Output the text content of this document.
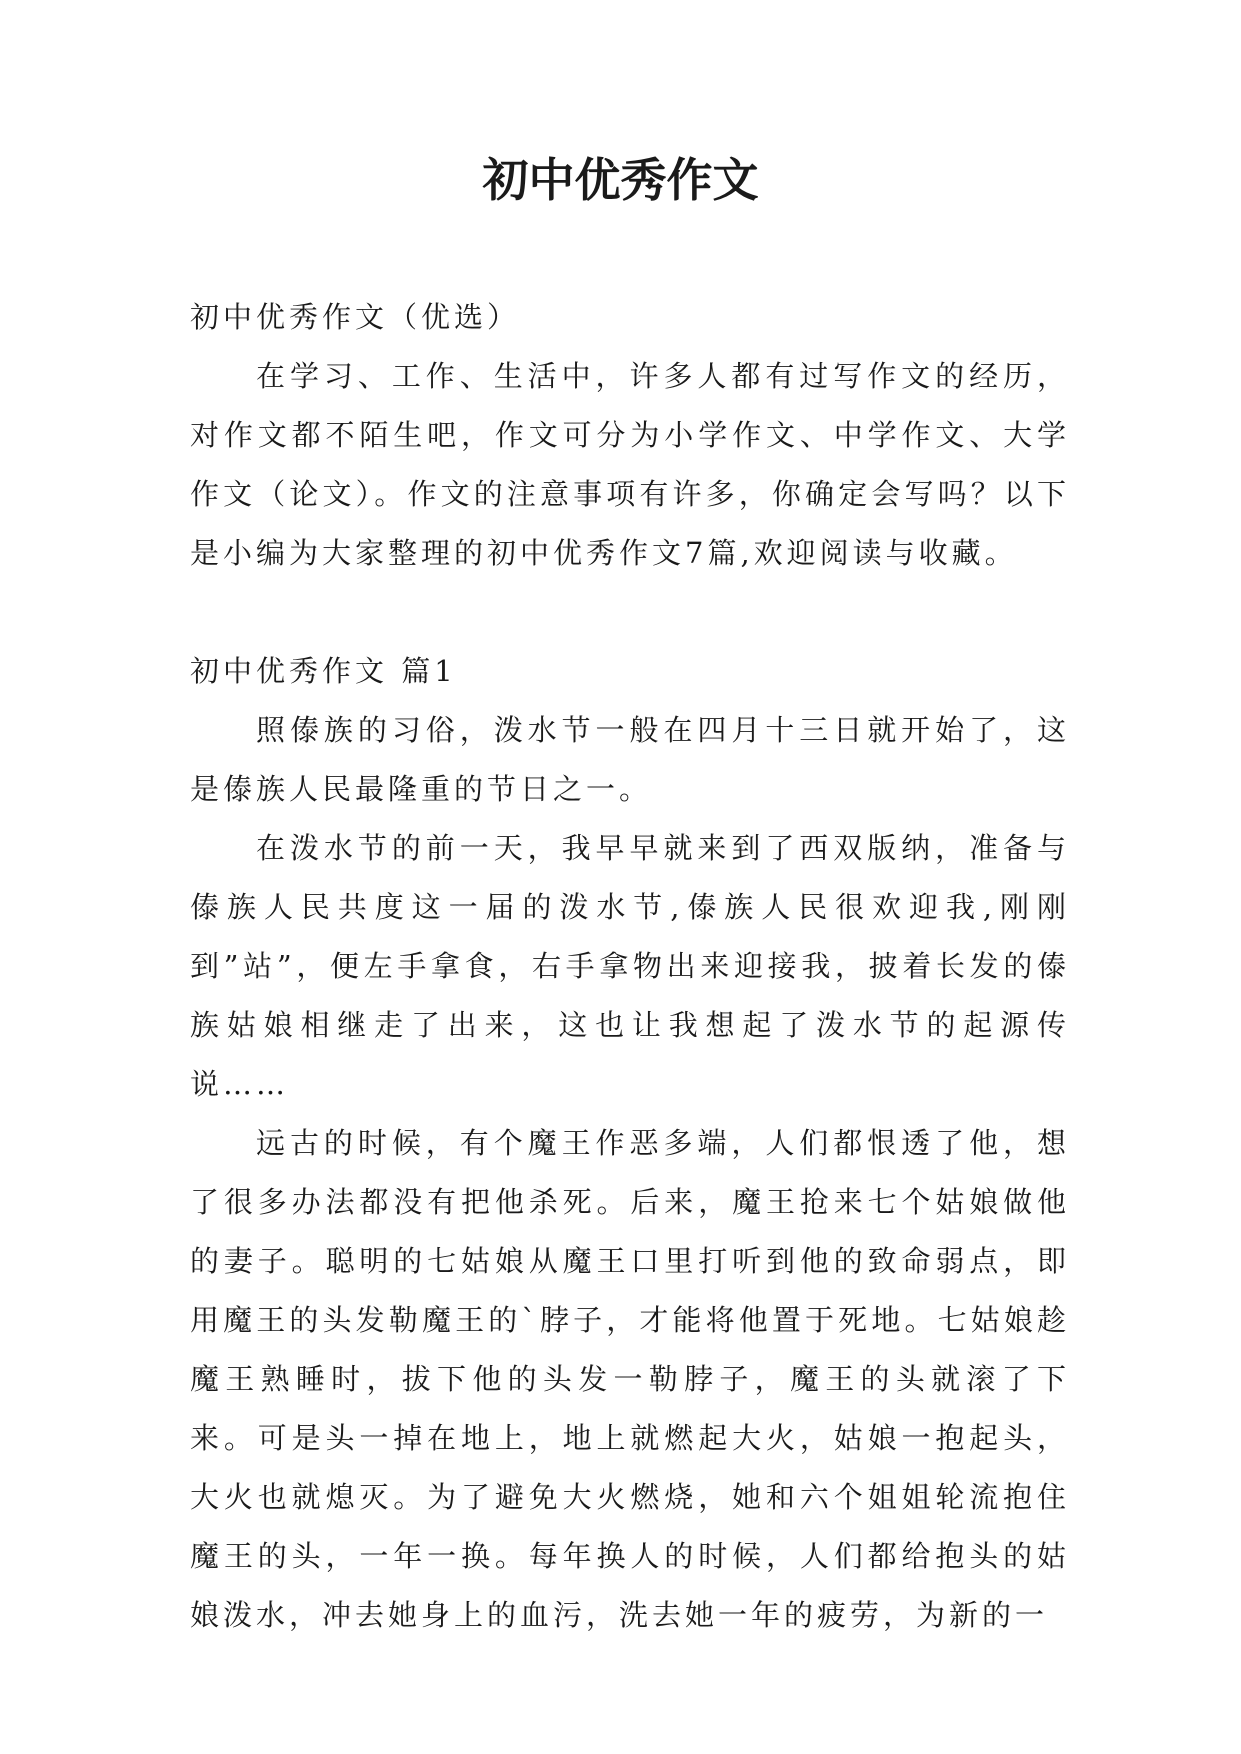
初中优秀作文
初中优秀作文（优选）

在学习、工作、生活中，许多人都有过写作文的经历，对作文都不陌生吧，作文可分为小学作文、中学作文、大学作文（论文）。作文的注意事项有许多，你确定会写吗？以下是小编为大家整理的初中优秀作文7篇,欢迎阅读与收藏。

初中优秀作文 篇1

照傣族的习俗，泼水节一般在四月十三日就开始了，这是傣族人民最隆重的节日之一。

在泼水节的前一天，我早早就来到了西双版纳，准备与傣族人民共度这一届的泼水节,傣族人民很欢迎我,刚刚到”站”，便左手拿食，右手拿物出来迎接我，披着长发的傣族姑娘相继走了出来，这也让我想起了泼水节的起源传说……

远古的时候，有个魔王作恶多端，人们都恨透了他，想了很多办法都没有把他杀死。后来，魔王抢来七个姑娘做他的妻子。聪明的七姑娘从魔王口里打听到他的致命弱点，即用魔王的头发勒魔王的`脖子，才能将他置于死地。七姑娘趁魔王熟睡时，拔下他的头发一勒脖子，魔王的头就滚了下来。可是头一掉在地上，地上就燃起大火，姑娘一抱起头，大火也就熄灭。为了避免大火燃烧，她和六个姐姐轮流抱住魔王的头，一年一换。每年换人的时候，人们都给抱头的姑娘泼水，冲去她身上的血污，洗去她一年的疲劳，为新的一
